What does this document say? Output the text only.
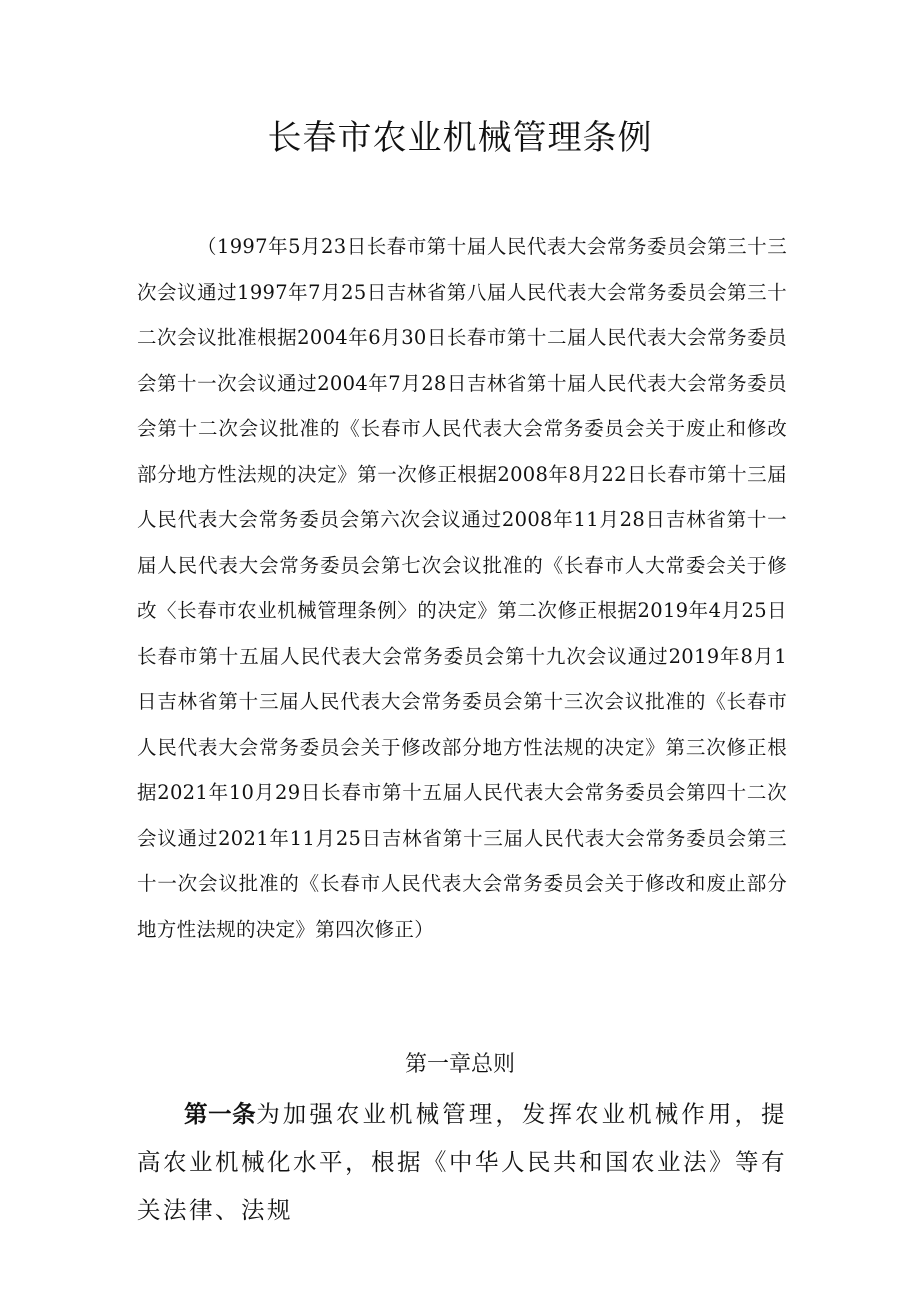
长春市农业机械管理条例

（1997年5月23日长春市第十届人民代表大会常务委员会第三十三次会议通过1997年7月25日吉林省第八届人民代表大会常务委员会第三十二次会议批准根据2004年6月30日长春市第十二届人民代表大会常务委员会第十一次会议通过2004年7月28日吉林省第十届人民代表大会常务委员会第十二次会议批准的《长春市人民代表大会常务委员会关于废止和修改部分地方性法规的决定》第一次修正根据2008年8月22日长春市第十三届人民代表大会常务委员会第六次会议通过2008年11月28日吉林省第十一届人民代表大会常务委员会第七次会议批准的《长春市人大常委会关于修改〈长春市农业机械管理条例〉的决定》第二次修正根据2019年4月25日长春市第十五届人民代表大会常务委员会第十九次会议通过2019年8月1日吉林省第十三届人民代表大会常务委员会第十三次会议批准的《长春市人民代表大会常务委员会关于修改部分地方性法规的决定》第三次修正根据2021年10月29日长春市第十五届人民代表大会常务委员会第四十二次会议通过2021年11月25日吉林省第十三届人民代表大会常务委员会第三十一次会议批准的《长春市人民代表大会常务委员会关于修改和废止部分地方性法规的决定》第四次修正）

第一章总则

第一条为加强农业机械管理，发挥农业机械作用，提高农业机械化水平，根据《中华人民共和国农业法》等有关法律、法规
